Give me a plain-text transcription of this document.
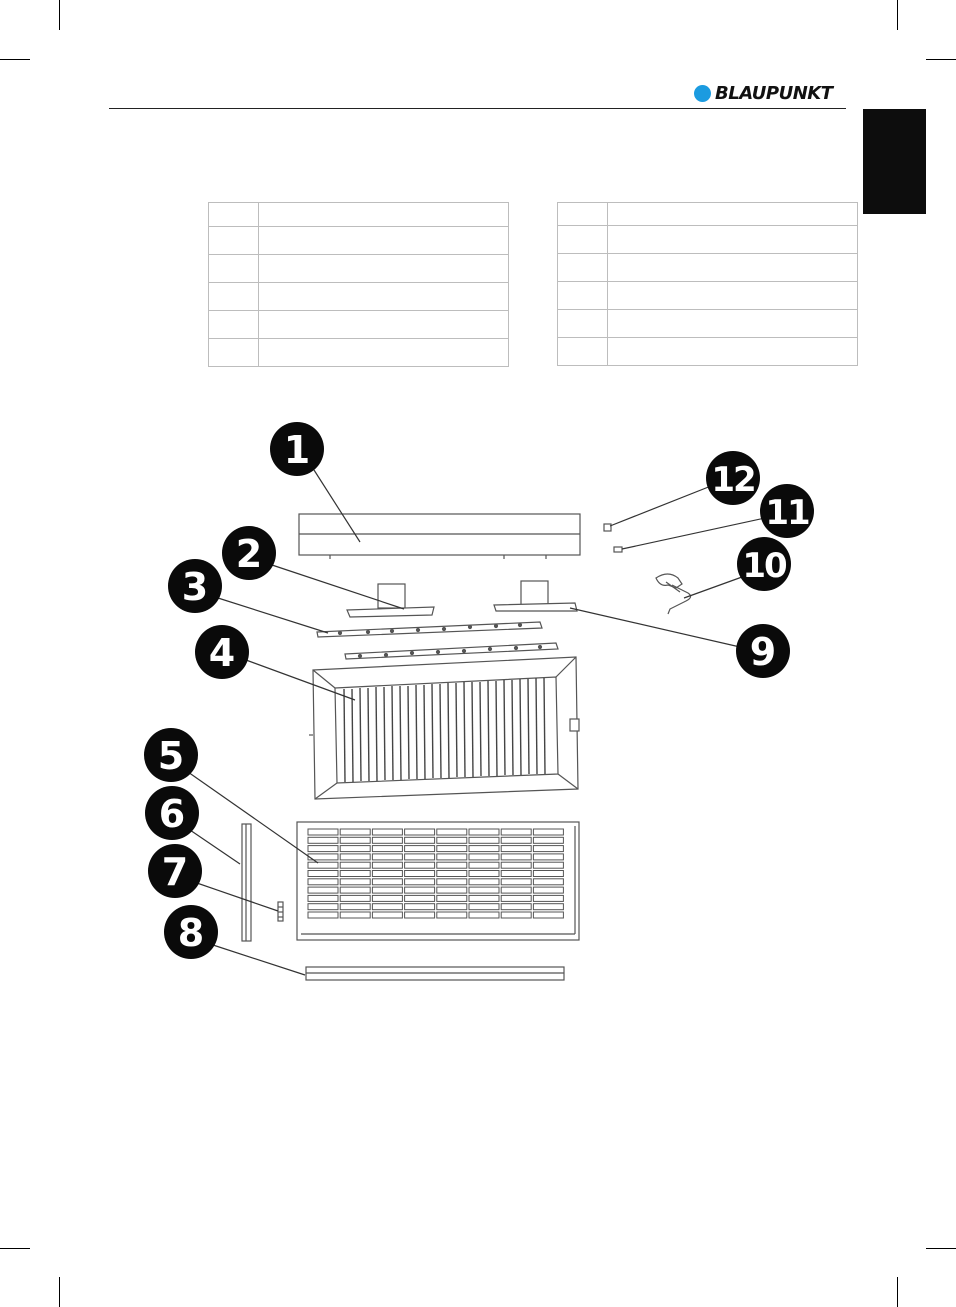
BLAUPUNKT

1
2
3
4
5
6
7
8
9
10
11
12
